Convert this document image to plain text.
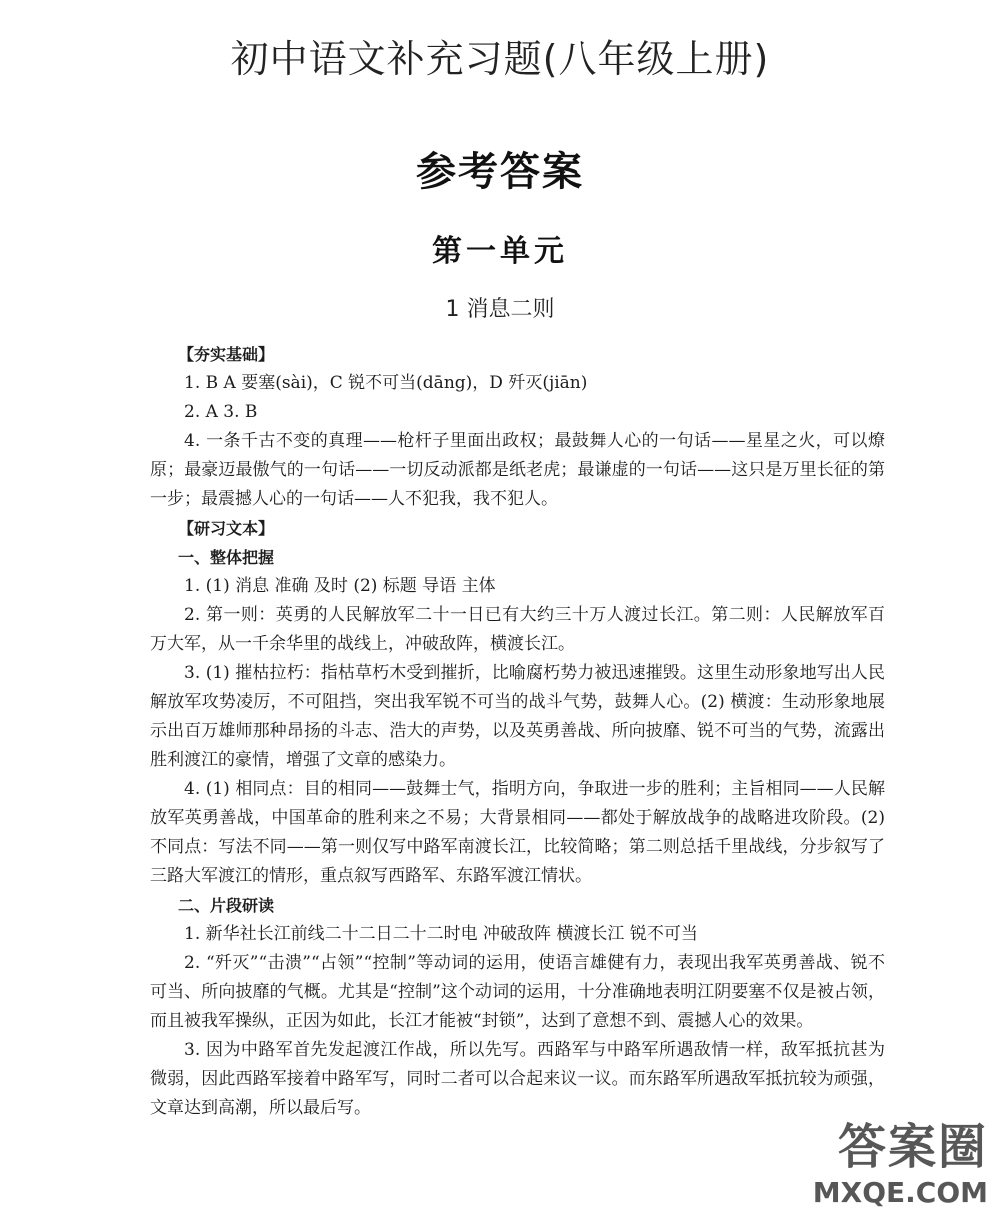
初中语文补充习题(八年级上册)
参考答案
第一单元
1 消息二则
【夯实基础】
1. B A 要塞(sài)，C 锐不可当(dāng)，D 歼灭(jiān)
2. A 3. B
4. 一条千古不变的真理——枪杆子里面出政权；最鼓舞人心的一句话——星星之火，可以燎原；最豪迈最傲气的一句话——一切反动派都是纸老虎；最谦虚的一句话——这只是万里长征的第一步；最震撼人心的一句话——人不犯我，我不犯人。
【研习文本】
一、整体把握
1. (1) 消息 准确 及时 (2) 标题 导语 主体
2. 第一则：英勇的人民解放军二十一日已有大约三十万人渡过长江。第二则：人民解放军百万大军，从一千余华里的战线上，冲破敌阵，横渡长江。
3. (1) 摧枯拉朽：指枯草朽木受到摧折，比喻腐朽势力被迅速摧毁。这里生动形象地写出人民解放军攻势凌厉，不可阻挡，突出我军锐不可当的战斗气势，鼓舞人心。(2) 横渡：生动形象地展示出百万雄师那种昂扬的斗志、浩大的声势，以及英勇善战、所向披靡、锐不可当的气势，流露出胜利渡江的豪情，增强了文章的感染力。
4. (1) 相同点：目的相同——鼓舞士气，指明方向，争取进一步的胜利；主旨相同——人民解放军英勇善战，中国革命的胜利来之不易；大背景相同——都处于解放战争的战略进攻阶段。(2) 不同点：写法不同——第一则仅写中路军南渡长江，比较简略；第二则总括千里战线，分步叙写了三路大军渡江的情形，重点叙写西路军、东路军渡江情状。
二、片段研读
1. 新华社长江前线二十二日二十二时电 冲破敌阵 横渡长江 锐不可当
2. “歼灭”“击溃”“占领”“控制”等动词的运用，使语言雄健有力，表现出我军英勇善战、锐不可当、所向披靡的气概。尤其是“控制”这个动词的运用，十分准确地表明江阴要塞不仅是被占领，而且被我军操纵，正因为如此，长江才能被“封锁”，达到了意想不到、震撼人心的效果。
3. 因为中路军首先发起渡江作战，所以先写。西路军与中路军所遇敌情一样，敌军抵抗甚为微弱，因此西路军接着中路军写，同时二者可以合起来议一议。而东路军所遇敌军抵抗较为顽强，文章达到高潮，所以最后写。
答案圈
MXQE.COM
